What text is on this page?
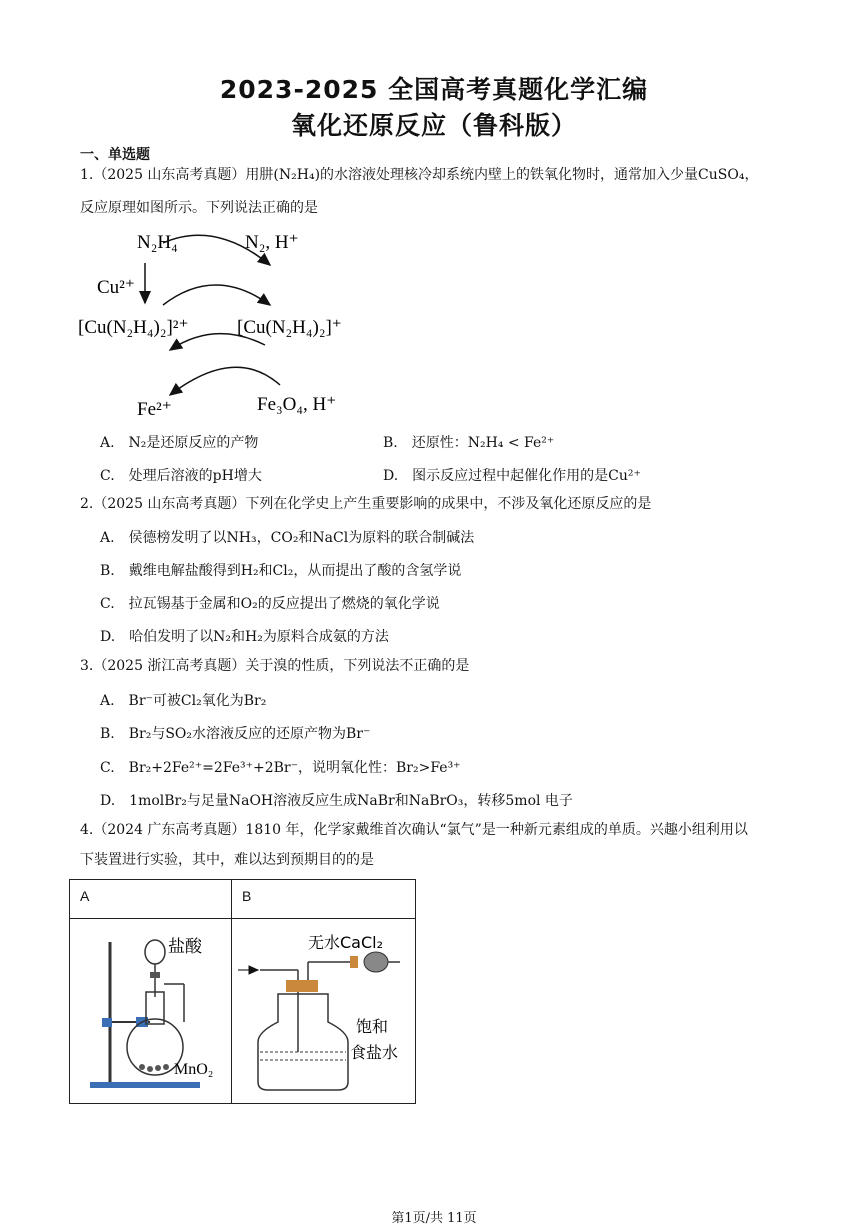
2023-2025 全国高考真题化学汇编
氧化还原反应（鲁科版）
一、单选题
1.（2025 山东高考真题）用肼(N₂H₄)的水溶液处理核冷却系统内壁上的铁氧化物时，通常加入少量CuSO₄，
反应原理如图所示。下列说法正确的是
N₂H₄	N₂, H⁺
Cu²⁺
[Cu(N₂H₄)₂]²⁺	[Cu(N₂H₄)₂]⁺
Fe²⁺	Fe₃O₄, H⁺
A.　N₂是还原反应的产物	B.　还原性：N₂H₄ < Fe²⁺
C.　处理后溶液的pH增大	D.　图示反应过程中起催化作用的是Cu²⁺
2.（2025 山东高考真题）下列在化学史上产生重要影响的成果中，不涉及氧化还原反应的是
A.　侯德榜发明了以NH₃，CO₂和NaCl为原料的联合制碱法
B.　戴维电解盐酸得到H₂和Cl₂，从而提出了酸的含氢学说
C.　拉瓦锡基于金属和O₂的反应提出了燃烧的氧化学说
D.　哈伯发明了以N₂和H₂为原料合成氨的方法
3.（2025 浙江高考真题）关于溴的性质，下列说法不正确的是
A.　Br⁻可被Cl₂氧化为Br₂
B.　Br₂与SO₂水溶液反应的还原产物为Br⁻
C.　Br₂+2Fe²⁺=2Fe³⁺+2Br⁻，说明氧化性：Br₂>Fe³⁺
D.　1molBr₂与足量NaOH溶液反应生成NaBr和NaBrO₃，转移5mol 电子
4.（2024 广东高考真题）1810 年，化学家戴维首次确认“氯气”是一种新元素组成的单质。兴趣小组利用以
下装置进行实验，其中，难以达到预期目的的是
A	B
盐酸
MnO₂
无水CaCl₂
饱和
食盐水
第1页/共 11页
